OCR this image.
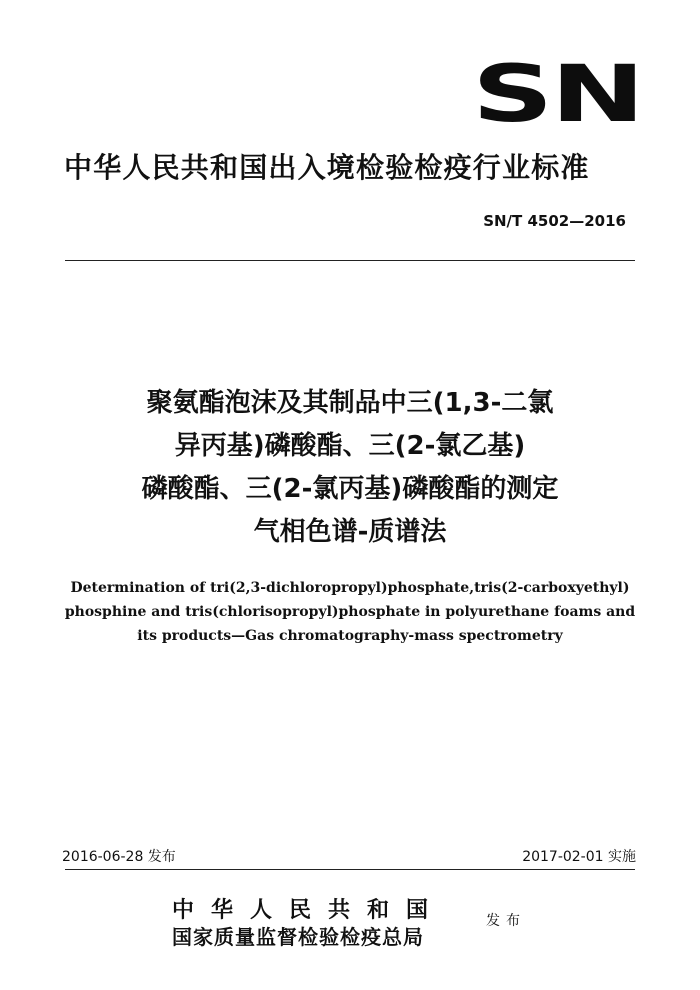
SN
中华人民共和国出入境检验检疫行业标准
SN/T 4502—2016
聚氨酯泡沫及其制品中三(1,3-二氯
异丙基)磷酸酯、三(2-氯乙基)
磷酸酯、三(2-氯丙基)磷酸酯的测定
气相色谱-质谱法
Determination of tri(2,3-dichloropropyl)phosphate,tris(2-carboxyethyl)
phosphine and tris(chlorisopropyl)phosphate in polyurethane foams and
its products—Gas chromatography-mass spectrometry
2016-06-28 发布	2017-02-01 实施
中华人民共和国
国家质量监督检验检疫总局
发布
